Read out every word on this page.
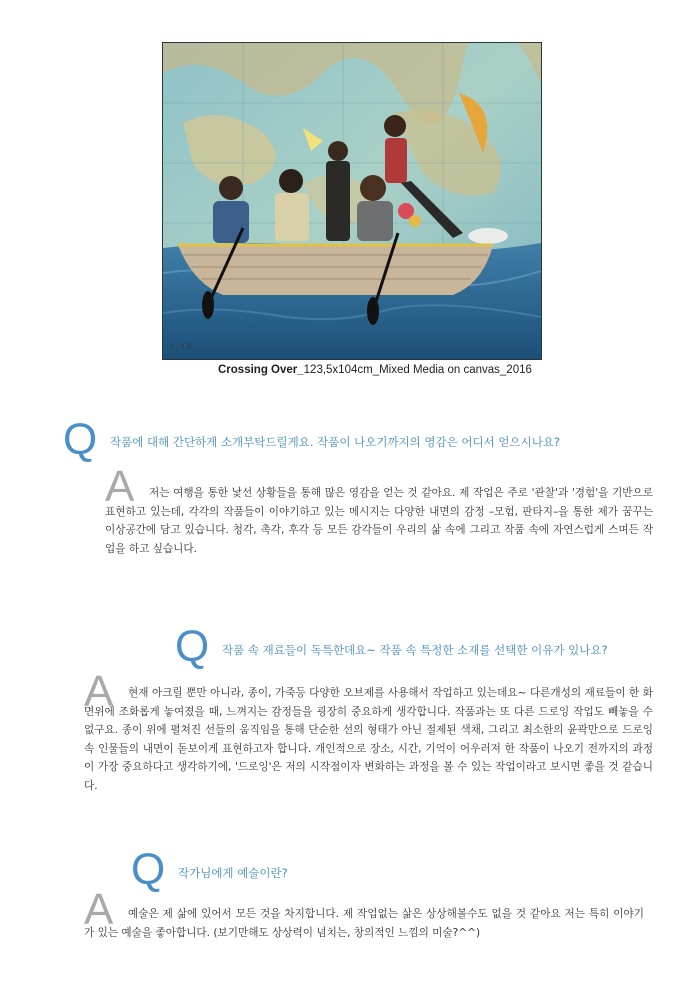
C.Y.K
Crossing Over_123,5x104cm_Mixed Media on canvas_2016
Q 작품에 대해 간단하게 소개부탁드릴게요. 작품이 나오기까지의 영감은 어디서 얻으시나요?
A	저는 여행을 통한 낯선 상황들을 통해 많은 영감을 얻는 것 같아요. 제 작업은 주로 '관찰'과 '경험'을 기반으로 표현하고 있는데, 각각의 작품들이 이야기하고 있는 메시지는 다양한 내면의 감정 –모험, 판타지–을 통한 제가 꿈꾸는 이상공간에 담고 있습니다. 청각, 촉각, 후각 등 모든 감각들이 우리의 삶 속에 그리고 작품 속에 자연스럽게 스며든 작업을 하고 싶습니다.
Q 작품 속 재료들이 독특한데요~ 작품 속 특정한 소재를 선택한 이유가 있나요?
A	현재 아크릴 뿐만 아니라, 종이, 가죽등 다양한 오브제를 사용해서 작업하고 있는데요~ 다른개성의 재료들이 한 화면위에 조화롭게 놓여졌을 때, 느껴지는 감정들을 굉장히 중요하게 생각합니다. 작품과는 또 다른 드로잉 작업도 빼놓을 수 없구요. 종이 위에 펼쳐진 선들의 움직임을 통해 단순한 선의 형태가 아닌 절제된 색채, 그리고 최소한의 윤곽만으로 드로잉 속 인물들의 내면이 돋보이게 표현하고자 합니다. 개인적으로 장소, 시간, 기억이 어우러져 한 작품이 나오기 전까지의 과정이 가장 중요하다고 생각하기에, '드로잉'은 저의 시작점이자 변화하는 과정을 볼 수 있는 작업이라고 보시면 좋을 것 같습니다.
Q 작가님에게 예술이란?
A	예술은 제 삶에 있어서 모든 것을 차지합니다. 제 작업없는 삶은 상상해볼수도 없을 것 같아요 저는 특히 이야기가 있는 예술을 좋아합니다. (보기만해도 상상력이 넘치는, 창의적인 느낌의 미술?^^)
